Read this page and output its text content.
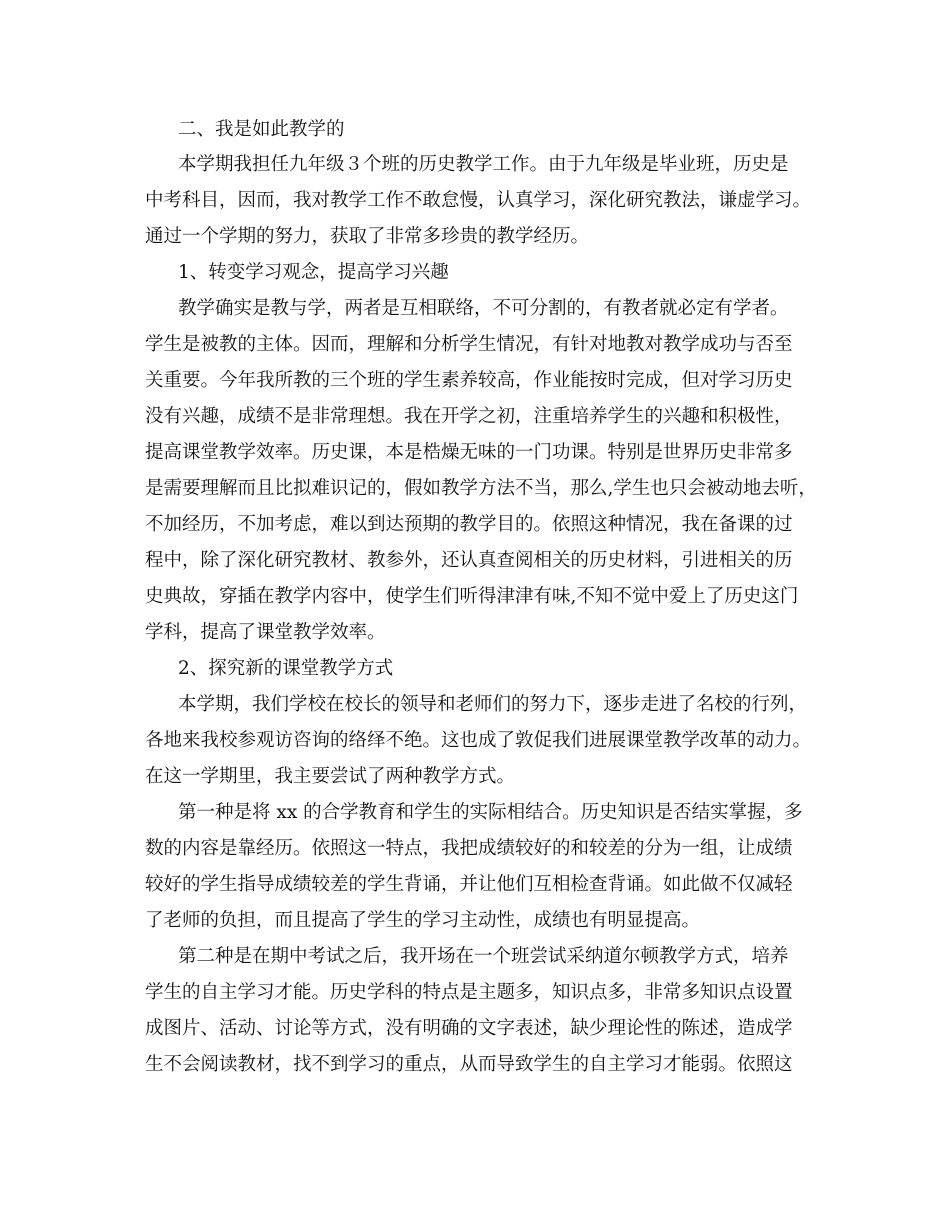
二、我是如此教学的
本学期我担任九年级３个班的历史教学工作。由于九年级是毕业班，历史是
中考科目，因而，我对教学工作不敢怠慢，认真学习，深化研究教法，谦虚学习。
通过一个学期的努力，获取了非常多珍贵的教学经历。
1、转变学习观念，提高学习兴趣
教学确实是教与学，两者是互相联络，不可分割的，有教者就必定有学者。
学生是被教的主体。因而，理解和分析学生情况，有针对地教对教学成功与否至
关重要。今年我所教的三个班的学生素养较高，作业能按时完成，但对学习历史
没有兴趣，成绩不是非常理想。我在开学之初，注重培养学生的兴趣和积极性，
提高课堂教学效率。历史课，本是梏燥无味的一门功课。特别是世界历史非常多
是需要理解而且比拟难识记的，假如教学方法不当，那么,学生也只会被动地去听，
不加经历，不加考虑，难以到达预期的教学目的。依照这种情况，我在备课的过
程中，除了深化研究教材、教参外，还认真查阅相关的历史材料，引进相关的历
史典故，穿插在教学内容中，使学生们听得津津有味,不知不觉中爱上了历史这门
学科，提高了课堂教学效率。
2、探究新的课堂教学方式
本学期，我们学校在校长的领导和老师们的努力下，逐步走进了名校的行列，
各地来我校参观访咨询的络绎不绝。这也成了敦促我们进展课堂教学改革的动力。
在这一学期里，我主要尝试了两种教学方式。
第一种是将 xx 的合学教育和学生的实际相结合。历史知识是否结实掌握，多
数的内容是靠经历。依照这一特点，我把成绩较好的和较差的分为一组，让成绩
较好的学生指导成绩较差的学生背诵，并让他们互相检查背诵。如此做不仅减轻
了老师的负担，而且提高了学生的学习主动性，成绩也有明显提高。
第二种是在期中考试之后，我开场在一个班尝试采纳道尔顿教学方式，培养
学生的自主学习才能。历史学科的特点是主题多，知识点多，非常多知识点设置
成图片、活动、讨论等方式，没有明确的文字表述，缺少理论性的陈述，造成学
生不会阅读教材，找不到学习的重点，从而导致学生的自主学习才能弱。依照这
